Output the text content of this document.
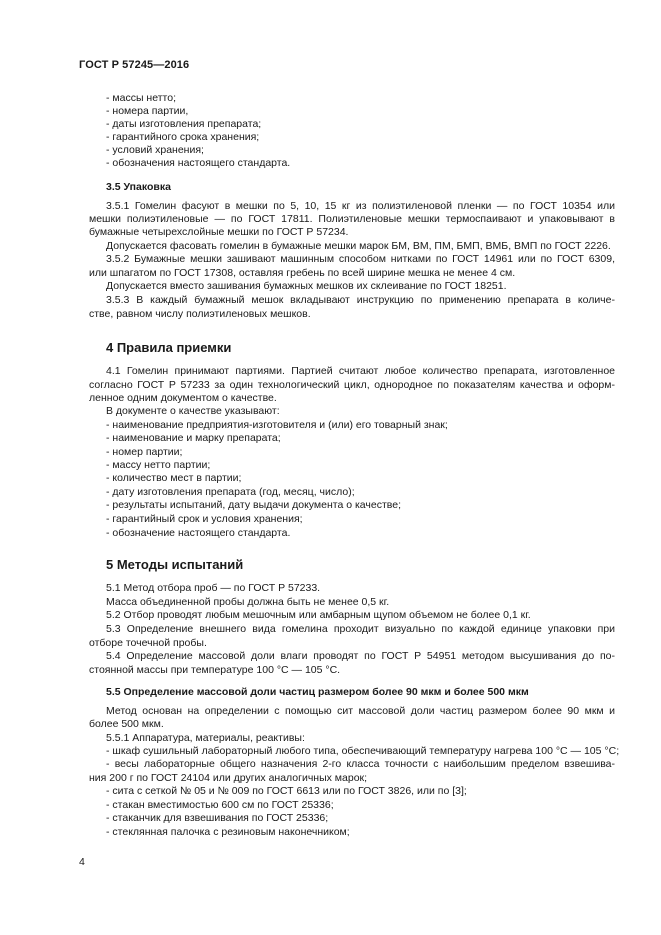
ГОСТ Р 57245—2016
- массы нетто;
- номера партии,
- даты изготовления препарата;
- гарантийного срока хранения;
- условий хранения;
- обозначения настоящего стандарта.
3.5 Упаковка
3.5.1 Гомелин фасуют в мешки по 5, 10, 15 кг из полиэтиленовой пленки — по ГОСТ 10354 или
мешки полиэтиленовые — по ГОСТ 17811. Полиэтиленовые мешки термоспаивают и упаковывают в
бумажные четырехслойные мешки по ГОСТ Р 57234.
Допускается фасовать гомелин в бумажные мешки марок БМ, ВМ, ПМ, БМП, ВМБ, ВМП по ГОСТ 2226.
3.5.2 Бумажные мешки зашивают машинным способом нитками по ГОСТ 14961 или по ГОСТ 6309,
или шпагатом по ГОСТ 17308, оставляя гребень по всей ширине мешка не менее 4 см.
Допускается вместо зашивания бумажных мешков их склеивание по ГОСТ 18251.
3.5.3 В каждый бумажный мешок вкладывают инструкцию по применению препарата в количе-
стве, равном числу полиэтиленовых мешков.
4 Правила приемки
4.1 Гомелин принимают партиями. Партией считают любое количество препарата, изготовленное
согласно ГОСТ Р 57233 за один технологический цикл, однородное по показателям качества и оформ-
ленное одним документом о качестве.
В документе о качестве указывают:
- наименование предприятия-изготовителя и (или) его товарный знак;
- наименование и марку препарата;
- номер партии;
- массу нетто партии;
- количество мест в партии;
- дату изготовления препарата (год, месяц, число);
- результаты испытаний, дату выдачи документа о качестве;
- гарантийный срок и условия хранения;
- обозначение настоящего стандарта.
5 Методы испытаний
5.1 Метод отбора проб — по ГОСТ Р 57233.
Масса объединенной пробы должна быть не менее 0,5 кг.
5.2 Отбор проводят любым мешочным или амбарным щупом объемом не более 0,1 кг.
5.3 Определение внешнего вида гомелина проходит визуально по каждой единице упаковки при
отборе точечной пробы.
5.4 Определение массовой доли влаги проводят по ГОСТ Р 54951 методом высушивания до по-
стоянной массы при температуре 100 °С — 105 °С.
5.5 Определение массовой доли частиц размером более 90 мкм и более 500 мкм
Метод основан на определении с помощью сит массовой доли частиц размером более 90 мкм и
более 500 мкм.
5.5.1 Аппаратура, материалы, реактивы:
- шкаф сушильный лабораторный любого типа, обеспечивающий температуру нагрева 100 °С — 105 °С;
- весы лабораторные общего назначения 2-го класса точности с наибольшим пределом взвешива-
ния 200 г по ГОСТ 24104 или других аналогичных марок;
- сита с сеткой № 05 и № 009 по ГОСТ 6613 или по ГОСТ 3826, или по [3];
- стакан вместимостью 600 см по ГОСТ 25336;
- стаканчик для взвешивания по ГОСТ 25336;
- стеклянная палочка с резиновым наконечником;
4
